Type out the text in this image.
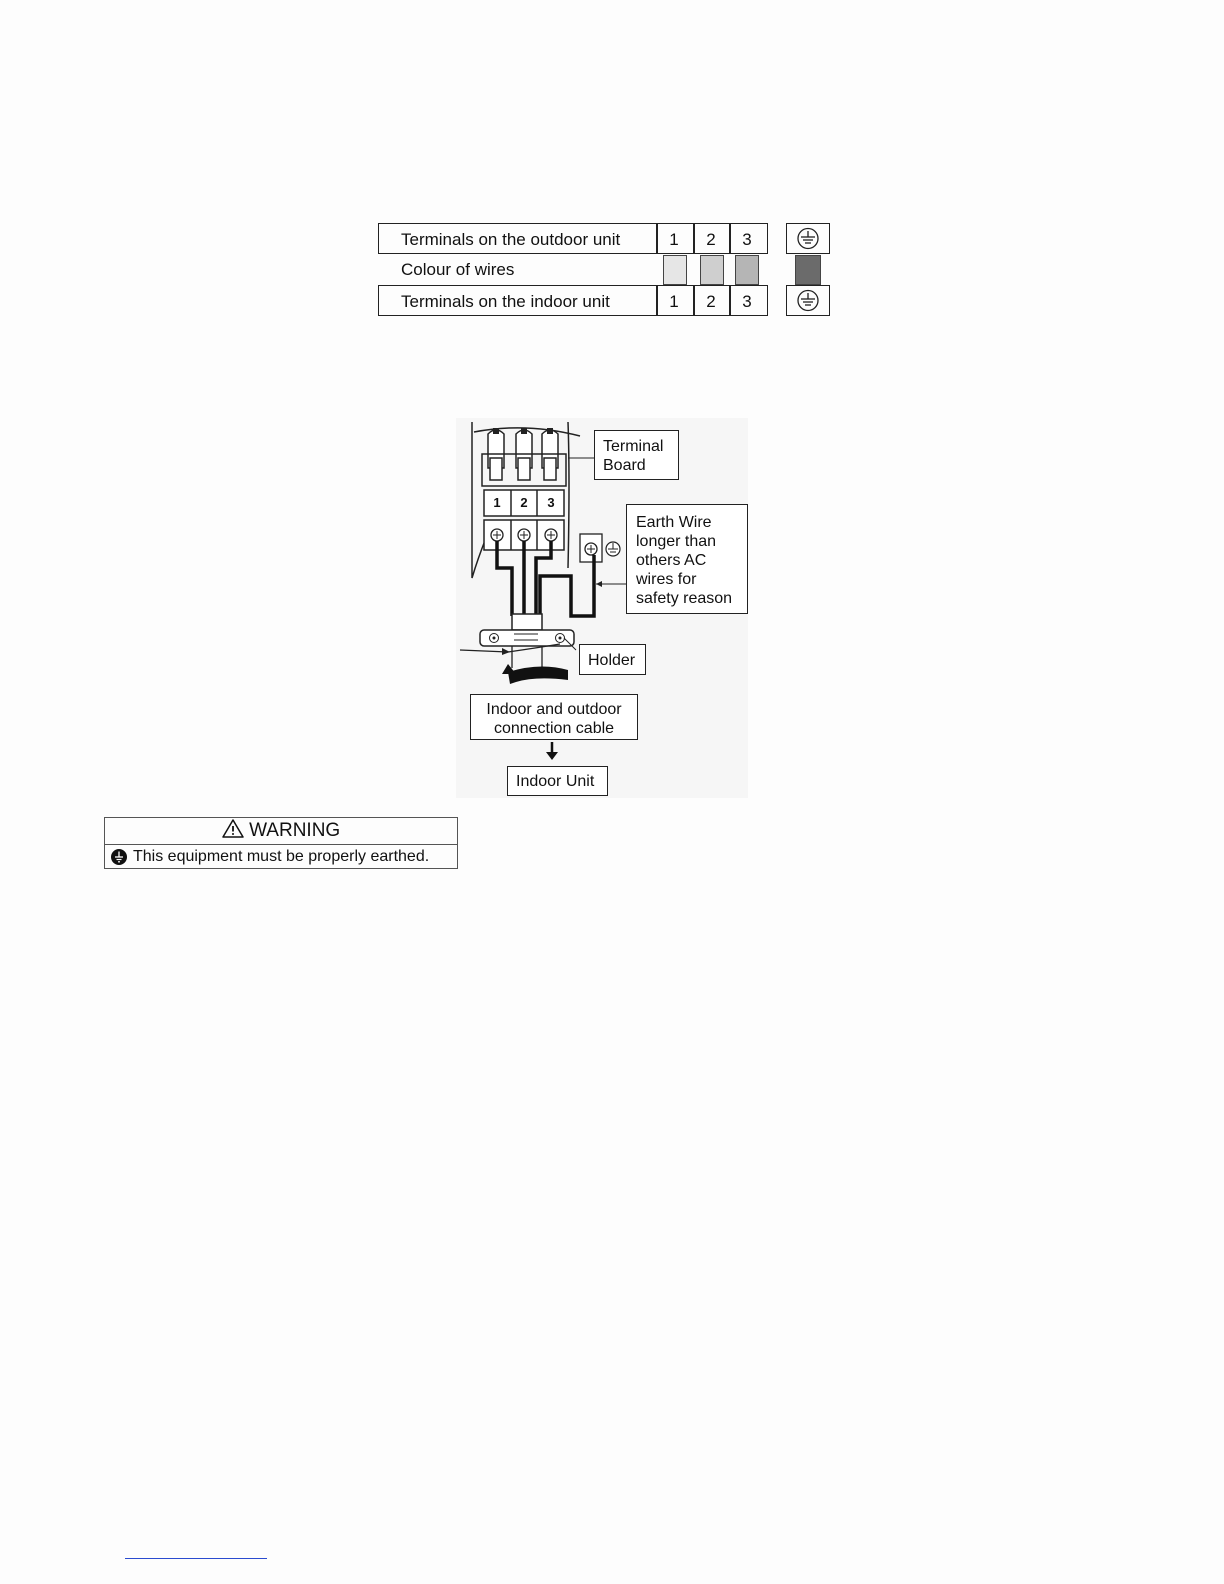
Terminals on the outdoor unit	1	2	3
Colour of wires
Terminals on the indoor unit	1	2	3
1	2	3
Terminal
Board
Earth Wire
longer than
others AC
wires for
safety reason
Holder
Indoor and outdoor
connection cable
Indoor Unit
WARNING
This equipment must be properly earthed.
